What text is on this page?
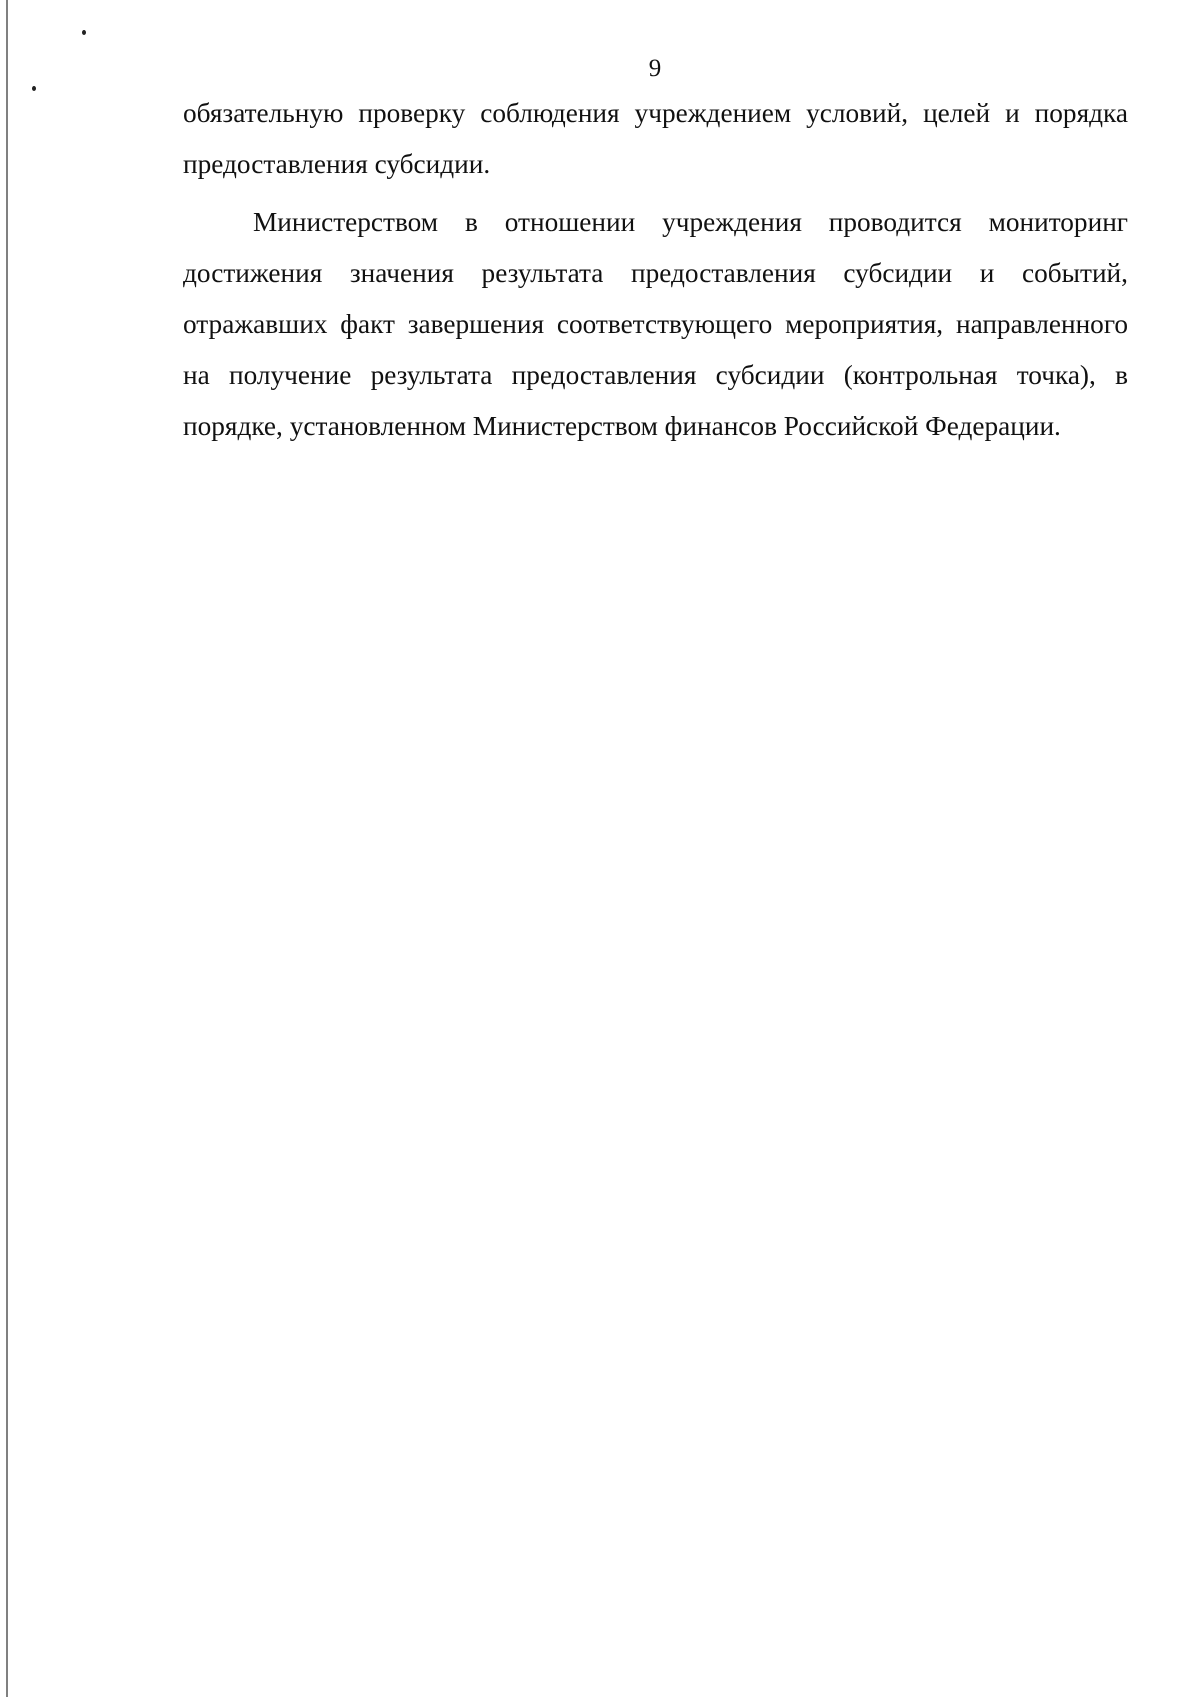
9

обязательную проверку соблюдения учреждением условий, целей и порядка предоставления субсидии.

Министерством в отношении учреждения проводится мониторинг достижения значения результата предоставления субсидии и событий, отражавших факт завершения соответствующего мероприятия, направленного на получение результата предоставления субсидии (контрольная точка), в порядке, установленном Министерством финансов Российской Федерации.
